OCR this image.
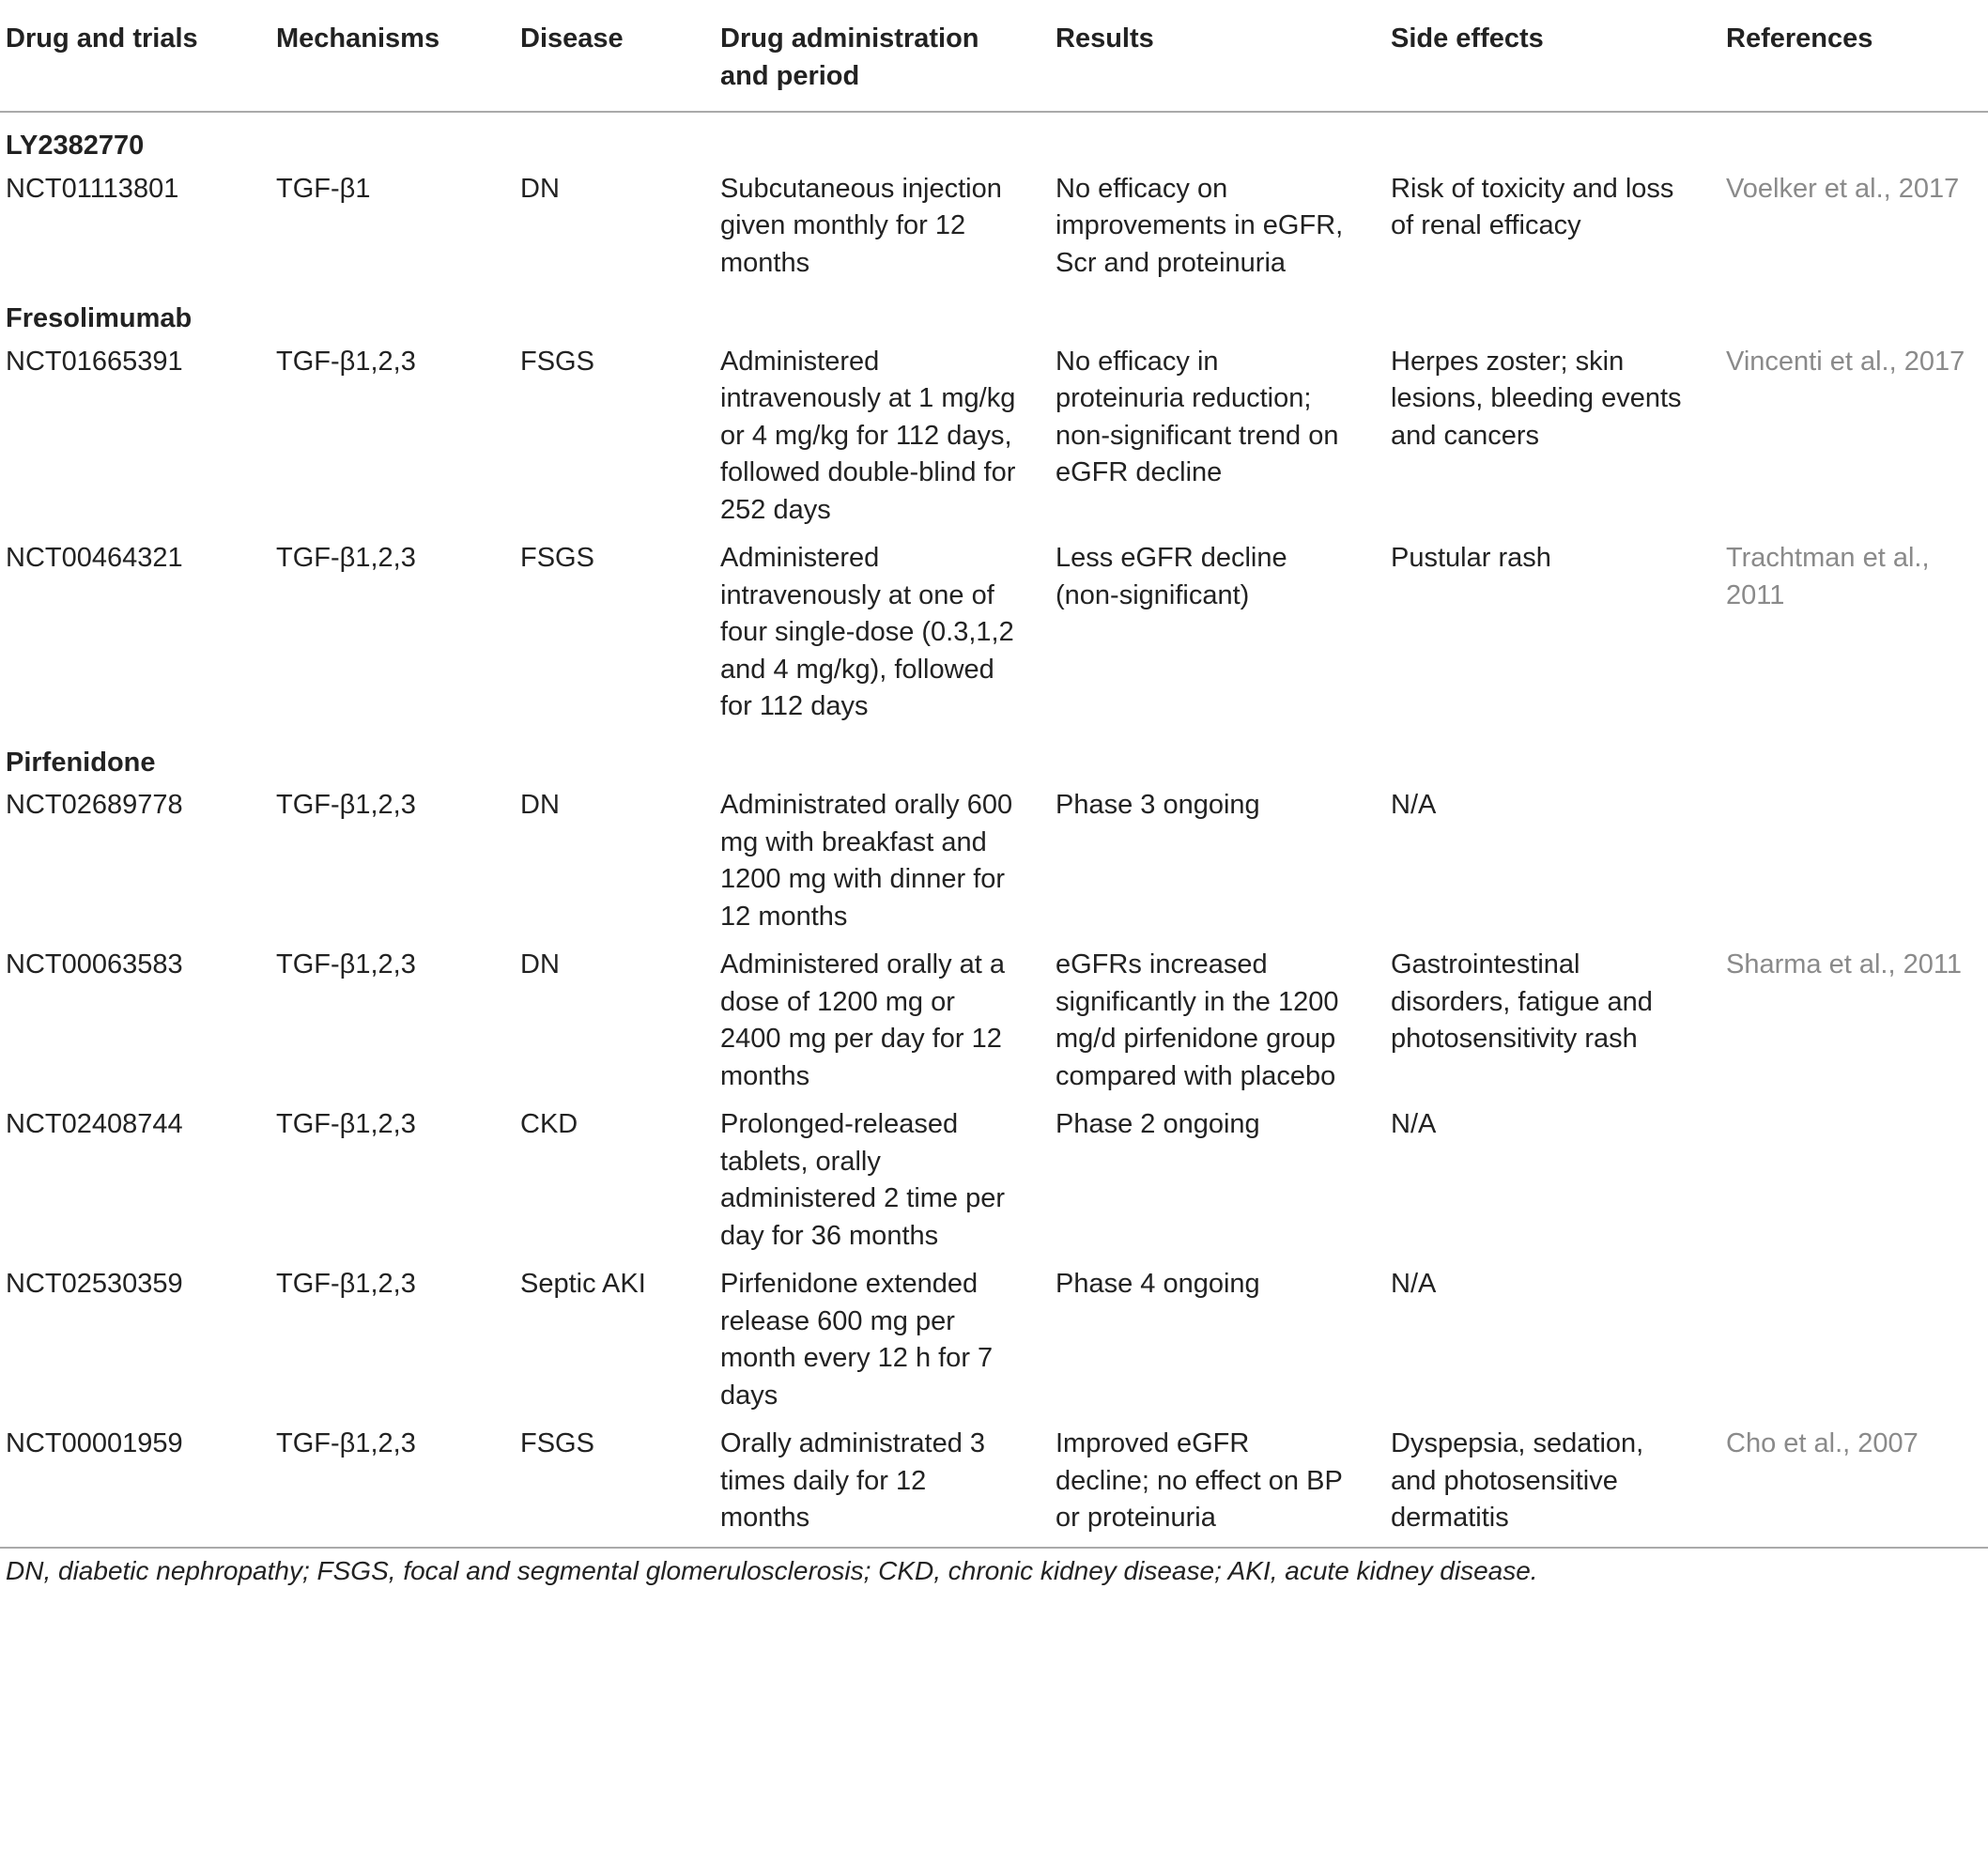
Drug and trials	Mechanisms	Disease	Drug administration and period	Results	Side effects	References
LY2382770						
NCT01113801	TGF-β1	DN	Subcutaneous injection given monthly for 12 months	No efficacy on improvements in eGFR, Scr and proteinuria	Risk of toxicity and loss of renal efficacy	Voelker et al., 2017
Fresolimumab						
NCT01665391	TGF-β1,2,3	FSGS	Administered intravenously at 1 mg/kg or 4 mg/kg for 112 days, followed double-blind for 252 days	No efficacy in proteinuria reduction; non-significant trend on eGFR decline	Herpes zoster; skin lesions, bleeding events and cancers	Vincenti et al., 2017
NCT00464321	TGF-β1,2,3	FSGS	Administered intravenously at one of four single-dose (0.3,1,2 and 4 mg/kg), followed for 112 days	Less eGFR decline (non-significant)	Pustular rash	Trachtman et al., 2011
Pirfenidone						
NCT02689778	TGF-β1,2,3	DN	Administrated orally 600 mg with breakfast and 1200 mg with dinner for 12 months	Phase 3 ongoing	N/A	
NCT00063583	TGF-β1,2,3	DN	Administered orally at a dose of 1200 mg or 2400 mg per day for 12 months	eGFRs increased significantly in the 1200 mg/d pirfenidone group compared with placebo	Gastrointestinal disorders, fatigue and photosensitivity rash	Sharma et al., 2011
NCT02408744	TGF-β1,2,3	CKD	Prolonged-released tablets, orally administered 2 time per day for 36 months	Phase 2 ongoing	N/A	
NCT02530359	TGF-β1,2,3	Septic AKI	Pirfenidone extended release 600 mg per month every 12 h for 7 days	Phase 4 ongoing	N/A	
NCT00001959	TGF-β1,2,3	FSGS	Orally administrated 3 times daily for 12 months	Improved eGFR decline; no effect on BP or proteinuria	Dyspepsia, sedation, and photosensitive dermatitis	Cho et al., 2007
DN, diabetic nephropathy; FSGS, focal and segmental glomerulosclerosis; CKD, chronic kidney disease; AKI, acute kidney disease.
